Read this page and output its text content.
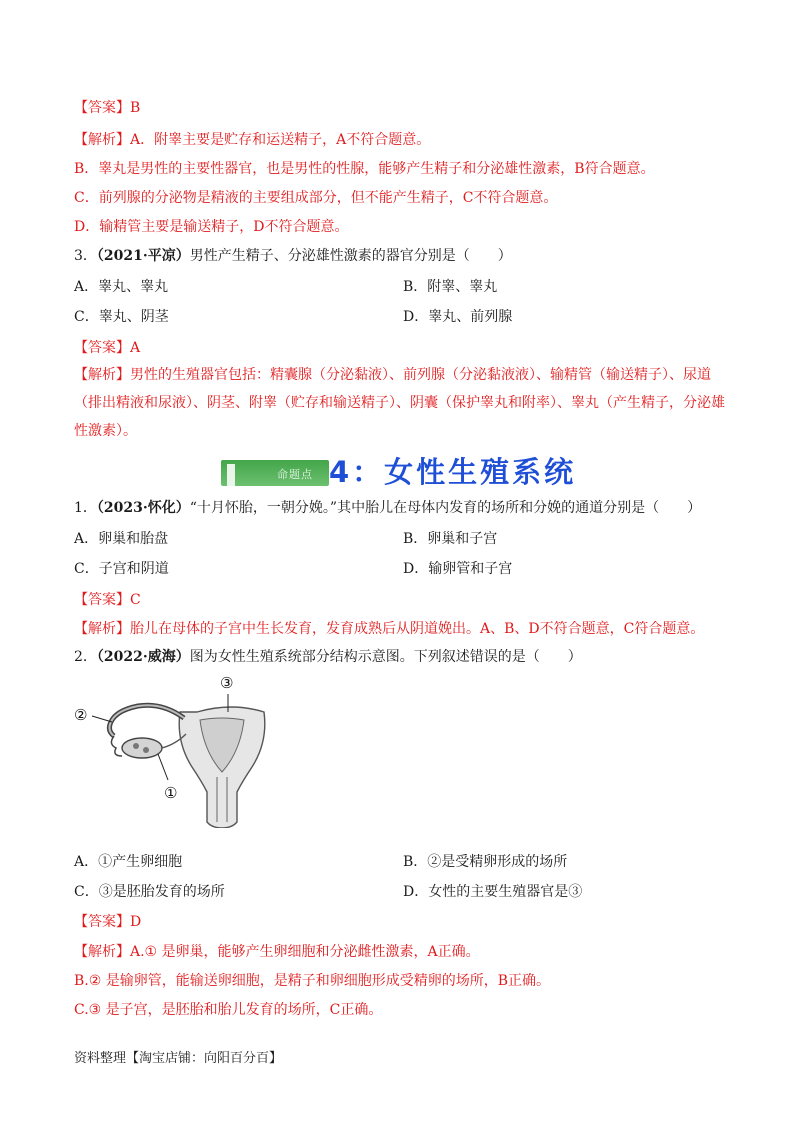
【答案】B
【解析】A．附睾主要是贮存和运送精子，A不符合题意。
B．睾丸是男性的主要性器官，也是男性的性腺，能够产生精子和分泌雄性激素，B符合题意。
C．前列腺的分泌物是精液的主要组成部分，但不能产生精子，C不符合题意。
D．输精管主要是输送精子，D不符合题意。
3．（2021·平凉）男性产生精子、分泌雄性激素的器官分别是（　　）
A．睾丸、睾丸	B．附睾、睾丸
C．睾丸、阴茎	D．睾丸、前列腺
【答案】A
【解析】男性的生殖器官包括：精囊腺（分泌黏液）、前列腺（分泌黏液液）、输精管（输送精子）、尿道（排出精液和尿液）、阴茎、附睾（贮存和输送精子）、阴囊（保护睾丸和附率）、睾丸（产生精子，分泌雄性激素）。
命题点 4：女性生殖系统
1．（2023·怀化）“十月怀胎，一朝分娩。”其中胎儿在母体内发育的场所和分娩的通道分别是（　　）
A．卵巢和胎盘	B．卵巢和子宫
C．子宫和阴道	D．输卵管和子宫
【答案】C
【解析】胎儿在母体的子宫中生长发育，发育成熟后从阴道娩出。A、B、D不符合题意，C符合题意。
2．（2022·威海）图为女性生殖系统部分结构示意图。下列叙述错误的是（　　）
②
③
①
A．①产生卵细胞	B．②是受精卵形成的场所
C．③是胚胎发育的场所	D．女性的主要生殖器官是③
【答案】D
【解析】A.① 是卵巢，能够产生卵细胞和分泌雌性激素，A正确。
B.② 是输卵管，能输送卵细胞，是精子和卵细胞形成受精卵的场所，B正确。
C.③ 是子宫，是胚胎和胎儿发育的场所，C正确。
资料整理【淘宝店铺：向阳百分百】
